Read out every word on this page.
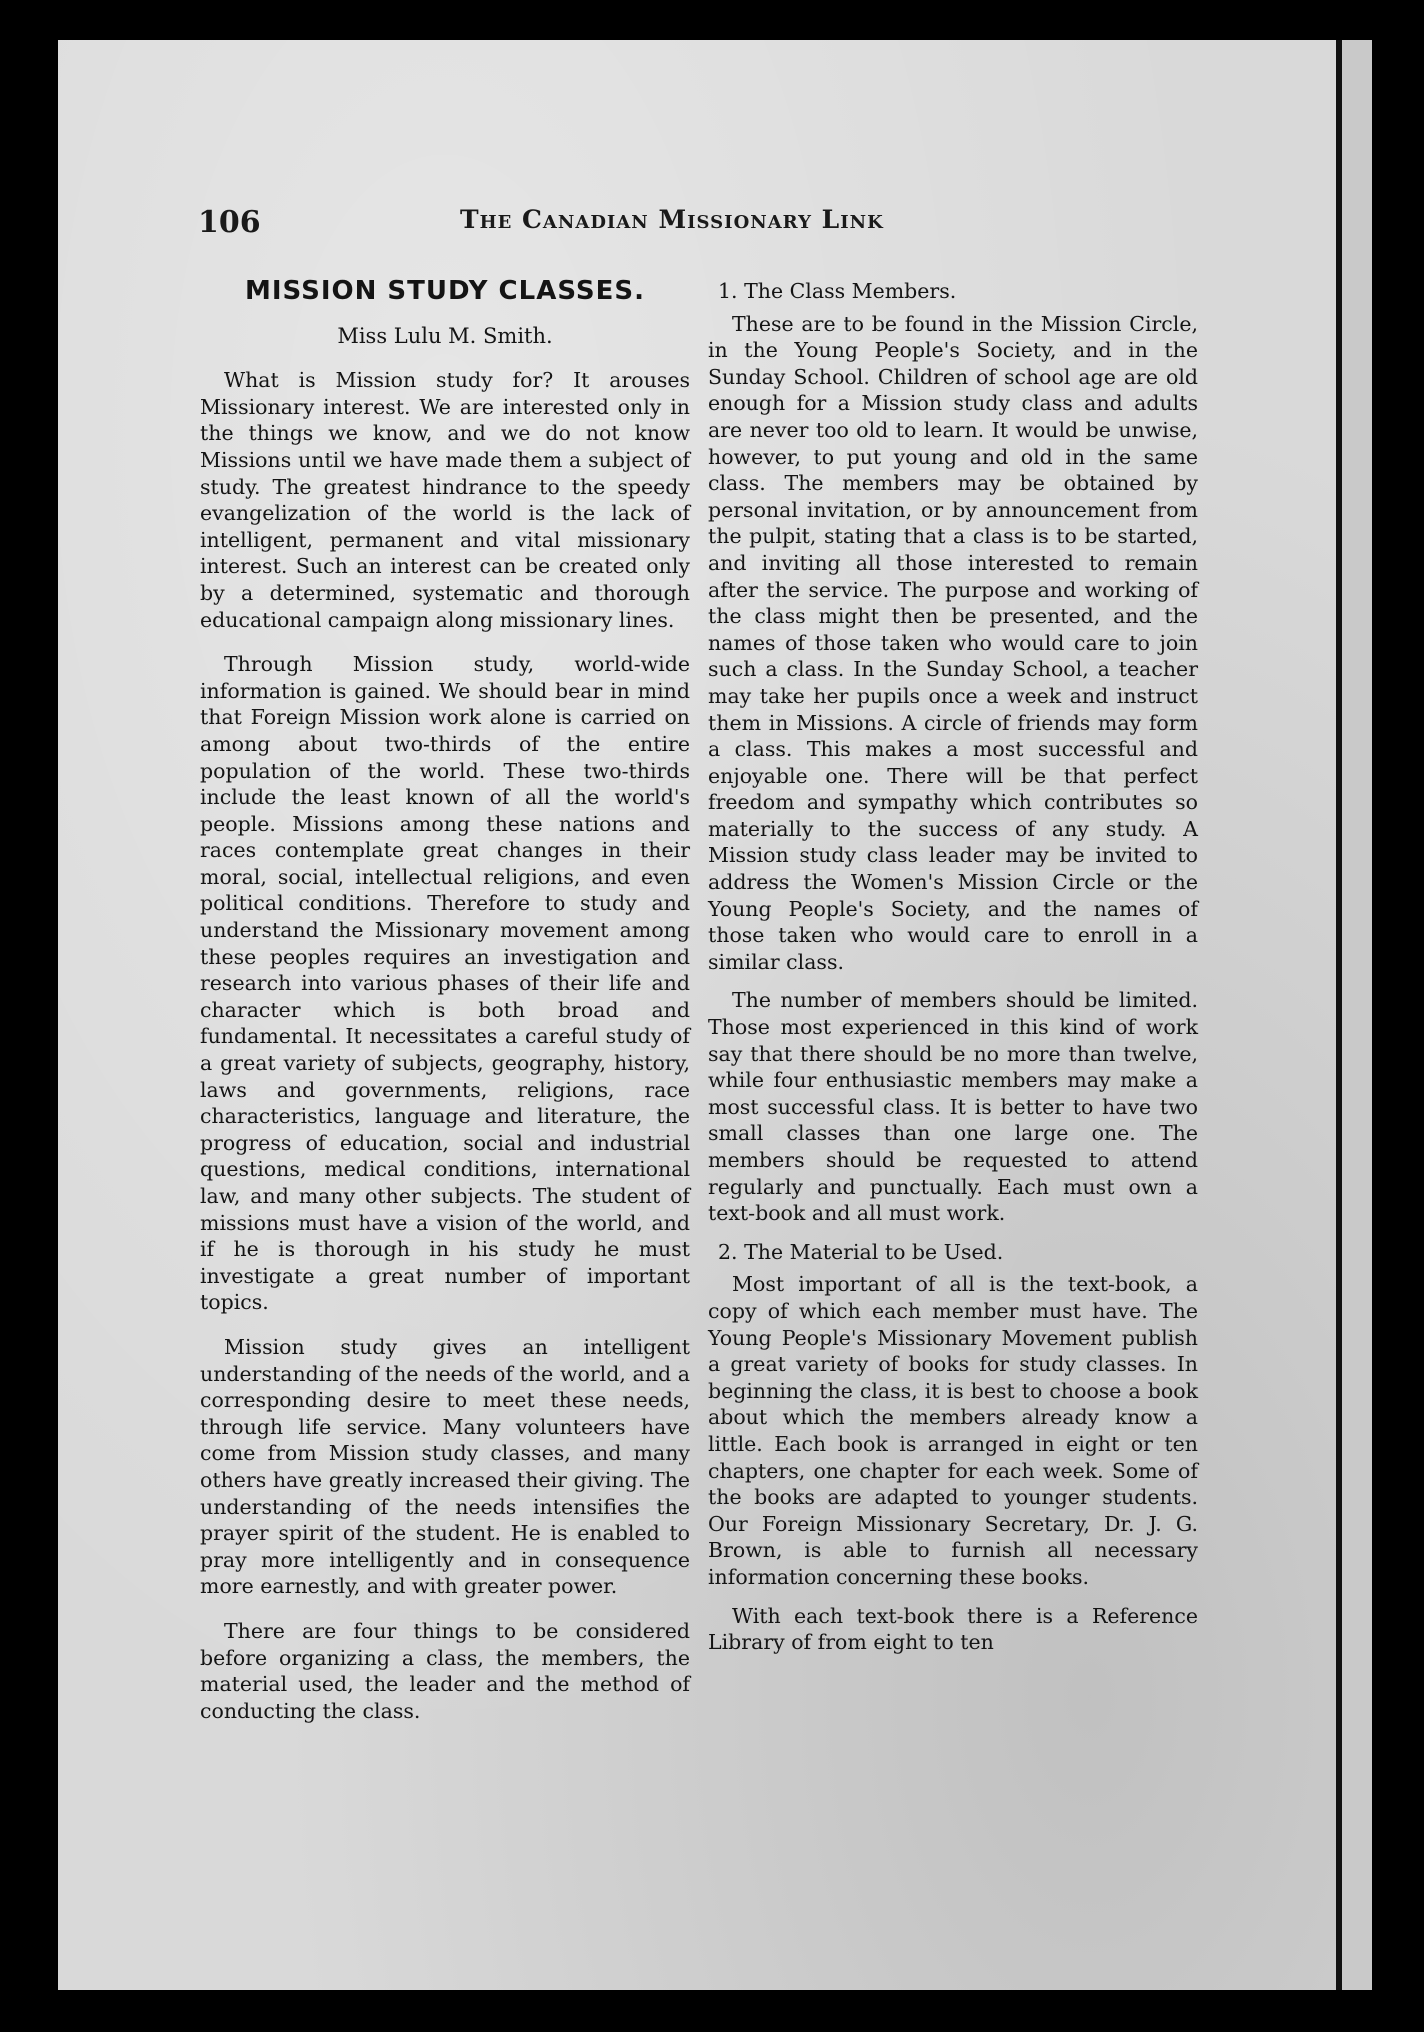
106	The Canadian Missionary Link

MISSION STUDY CLASSES.

Miss Lulu M. Smith.

What is Mission study for? It arouses Missionary interest. We are interested only in the things we know, and we do not know Missions until we have made them a subject of study. The greatest hindrance to the speedy evangelization of the world is the lack of intelligent, permanent and vital missionary interest. Such an interest can be created only by a determined, systematic and thorough educational campaign along missionary lines.

Through Mission study, world-wide information is gained. We should bear in mind that Foreign Mission work alone is carried on among about two-thirds of the entire population of the world. These two-thirds include the least known of all the world's people. Missions among these nations and races contemplate great changes in their moral, social, intellectual religions, and even political conditions. Therefore to study and understand the Missionary movement among these peoples requires an investigation and research into various phases of their life and character which is both broad and fundamental. It necessitates a careful study of a great variety of subjects, geography, history, laws and governments, religions, race characteristics, language and literature, the progress of education, social and industrial questions, medical conditions, international law, and many other subjects. The student of missions must have a vision of the world, and if he is thorough in his study he must investigate a great number of important topics.

Mission study gives an intelligent understanding of the needs of the world, and a corresponding desire to meet these needs, through life service. Many volunteers have come from Mission study classes, and many others have greatly increased their giving. The understanding of the needs intensifies the prayer spirit of the student. He is enabled to pray more intelligently and in consequence more earnestly, and with greater power.

There are four things to be considered before organizing a class, the members, the material used, the leader and the method of conducting the class.

1. The Class Members.

These are to be found in the Mission Circle, in the Young People's Society, and in the Sunday School. Children of school age are old enough for a Mission study class and adults are never too old to learn. It would be unwise, however, to put young and old in the same class. The members may be obtained by personal invitation, or by announcement from the pulpit, stating that a class is to be started, and inviting all those interested to remain after the service. The purpose and working of the class might then be presented, and the names of those taken who would care to join such a class. In the Sunday School, a teacher may take her pupils once a week and instruct them in Missions. A circle of friends may form a class. This makes a most successful and enjoyable one. There will be that perfect freedom and sympathy which contributes so materially to the success of any study. A Mission study class leader may be invited to address the Women's Mission Circle or the Young People's Society, and the names of those taken who would care to enroll in a similar class.

The number of members should be limited. Those most experienced in this kind of work say that there should be no more than twelve, while four enthusiastic members may make a most successful class. It is better to have two small classes than one large one. The members should be requested to attend regularly and punctually. Each must own a text-book and all must work.

2. The Material to be Used.

Most important of all is the text-book, a copy of which each member must have. The Young People's Missionary Movement publish a great variety of books for study classes. In beginning the class, it is best to choose a book about which the members already know a little. Each book is arranged in eight or ten chapters, one chapter for each week. Some of the books are adapted to younger students. Our Foreign Missionary Secretary, Dr. J. G. Brown, is able to furnish all necessary information concerning these books.

With each text-book there is a Reference Library of from eight to ten
